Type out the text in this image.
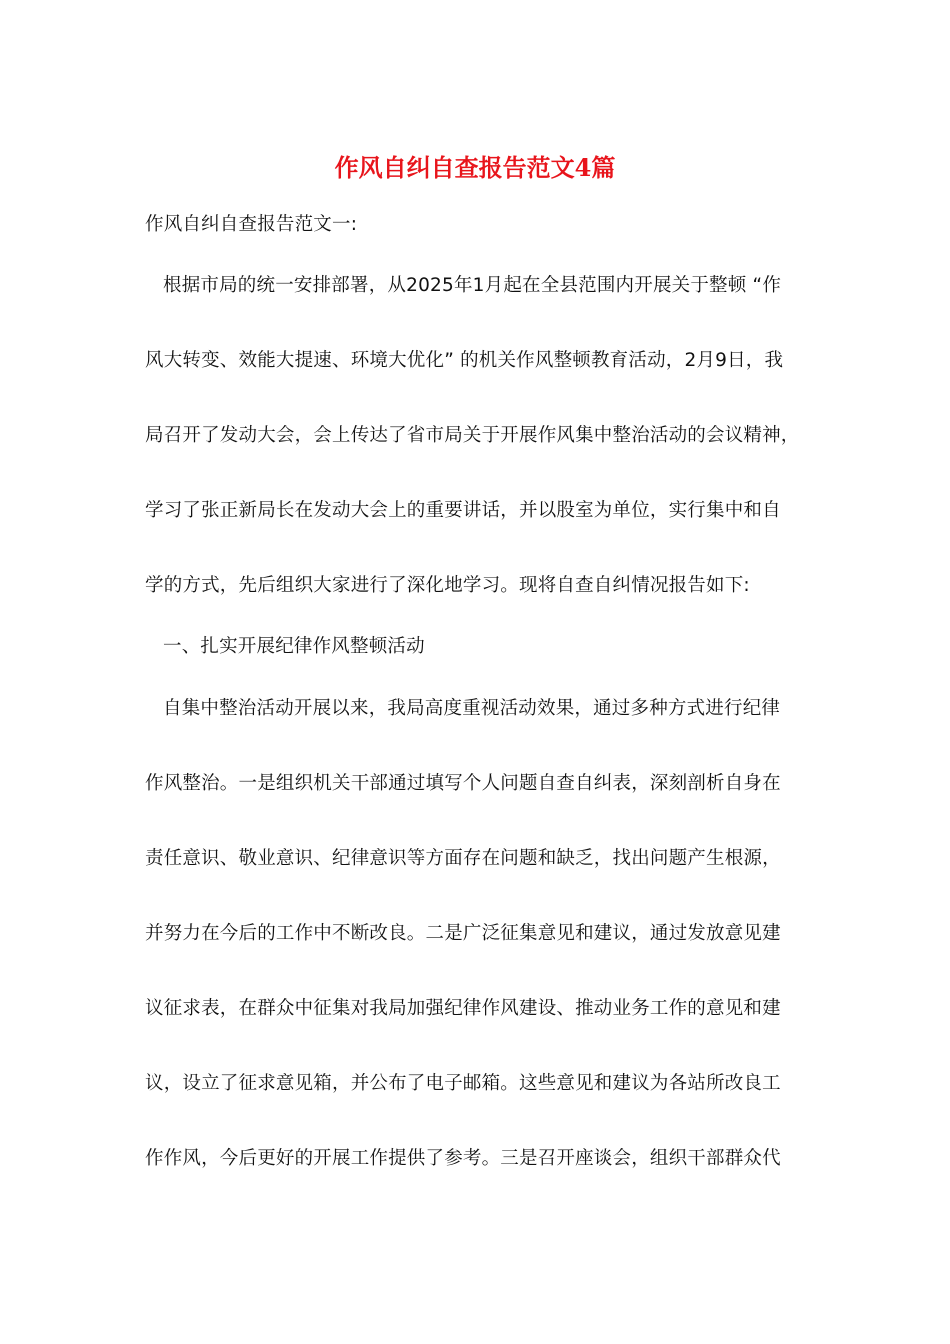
作风自纠自查报告范文4篇
作风自纠自查报告范文一:
根据市局的统一安排部署，从2025年1月起在全县范围内开展关于整顿 “作
风大转变、效能大提速、环境大优化” 的机关作风整顿教育活动，2月9日，我
局召开了发动大会，会上传达了省市局关于开展作风集中整治活动的会议精神，
学习了张正新局长在发动大会上的重要讲话，并以股室为单位，实行集中和自
学的方式，先后组织大家进行了深化地学习。现将自查自纠情况报告如下:
一、扎实开展纪律作风整顿活动
自集中整治活动开展以来，我局高度重视活动效果，通过多种方式进行纪律
作风整治。一是组织机关干部通过填写个人问题自查自纠表，深刻剖析自身在
责任意识、敬业意识、纪律意识等方面存在问题和缺乏，找出问题产生根源，
并努力在今后的工作中不断改良。二是广泛征集意见和建议，通过发放意见建
议征求表，在群众中征集对我局加强纪律作风建设、推动业务工作的意见和建
议，设立了征求意见箱，并公布了电子邮箱。这些意见和建议为各站所改良工
作作风，今后更好的开展工作提供了参考。三是召开座谈会，组织干部群众代
